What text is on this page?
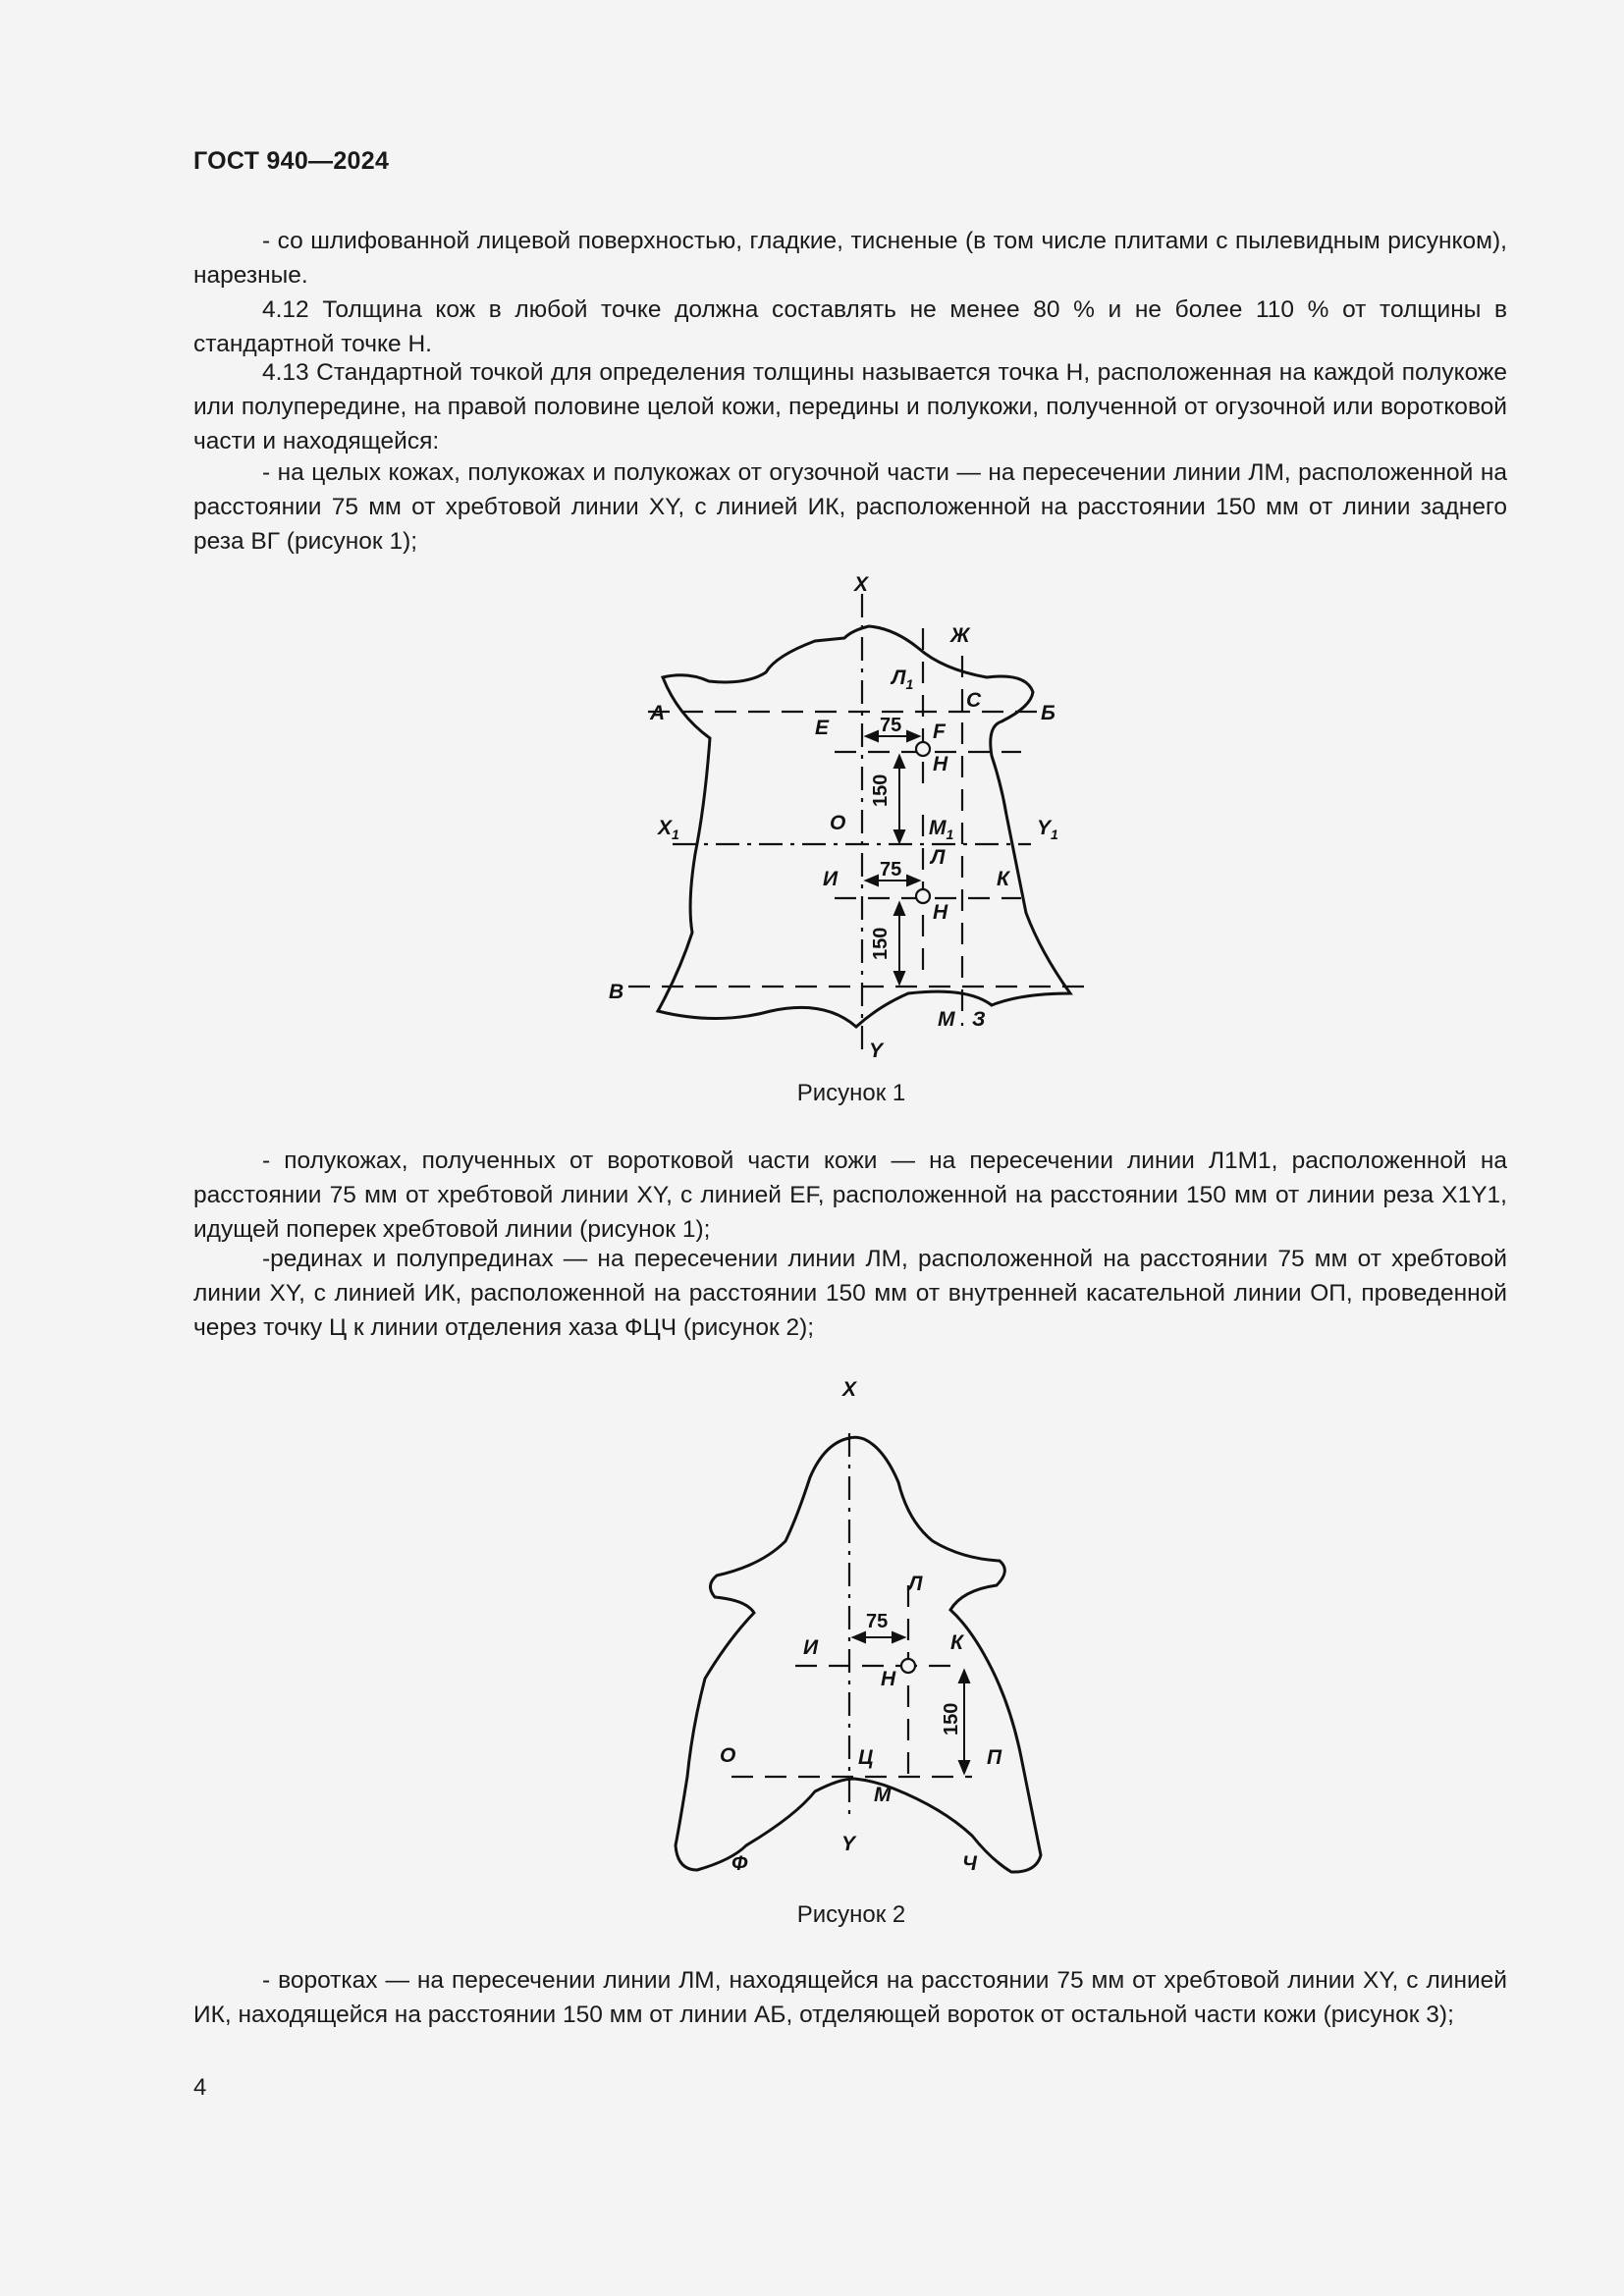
ГОСТ 940—2024

- со шлифованной лицевой поверхностью, гладкие, тисненые (в том числе плитами с пылевидным рисунком), нарезные.

4.12 Толщина кож в любой точке должна составлять не менее 80 % и не более 110 % от толщины в стандартной точке Н.

4.13 Стандартной точкой для определения толщины называется точка Н, расположенная на каждой полукоже или полупередине, на правой половине целой кожи, передины и полукожи, полученной от огузочной или воротковой части и находящейся:

- на целых кожах, полукожах и полукожах от огузочной части — на пересечении линии ЛМ, расположенной на расстоянии 75 мм от хребтовой линии XY, с линией ИК, расположенной на расстоянии 150 мм от линии заднего реза ВГ (рисунок 1);

X
Ж
$Л_1$
С
А	Б
Е	75 F
Н
150
$X_1$	О	$M_1$	$Y_1$
Л
75
И	К
Н
150
В
М З
Y
Рисунок 1

- полукожах, полученных от воротковой части кожи — на пересечении линии Л1М1, расположенной на расстоянии 75 мм от хребтовой линии XY, с линией EF, расположенной на расстоянии 150 мм от линии реза X1Y1, идущей поперек хребтовой линии (рисунок 1);

-рединах и полупрединах — на пересечении линии ЛМ, расположенной на расстоянии 75 мм от хребтовой линии XY, с линией ИК, расположенной на расстоянии 150 мм от внутренней касательной линии ОП, проведенной через точку Ц к линии отделения хаза ФЦЧ (рисунок 2);

X
Л
75
И	К
Н
150
О	Ц	П
М
Y
Ф	Ч
Рисунок 2

- воротках — на пересечении линии ЛМ, находящейся на расстоянии 75 мм от хребтовой линии XY, с линией ИК, находящейся на расстоянии 150 мм от линии АБ, отделяющей вороток от остальной части кожи (рисунок 3);

4
